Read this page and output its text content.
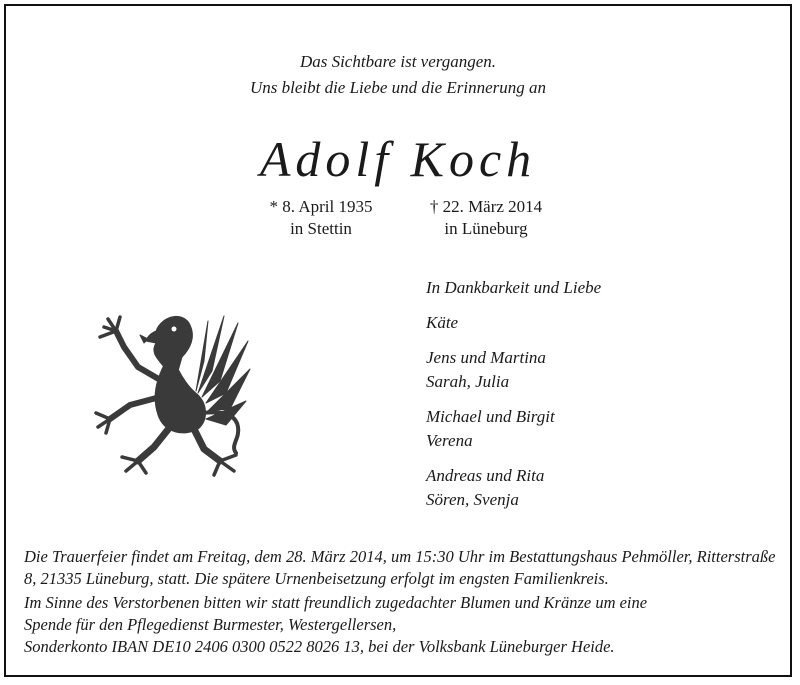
Das Sichtbare ist vergangen.
Uns bleibt die Liebe und die Erinnerung an
Adolf Koch
* 8. April 1935
in Stettin
† 22. März 2014
in Lüneburg
In Dankbarkeit und Liebe
Käte
Jens und Martina
Sarah, Julia
Michael und Birgit
Verena
Andreas und Rita
Sören, Svenja

Die Trauerfeier findet am Freitag, dem 28. März 2014, um 15:30 Uhr im Bestattungshaus Pehmöller, Ritterstraße 8, 21335 Lüneburg, statt. Die spätere Urnenbeisetzung erfolgt im engsten Familienkreis.

Im Sinne des Verstorbenen bitten wir statt freundlich zugedachter Blumen und Kränze um eine
Spende für den Pflegedienst Burmester, Westergellersen,
Sonderkonto IBAN DE10 2406 0300 0522 8026 13, bei der Volksbank Lüneburger Heide.
